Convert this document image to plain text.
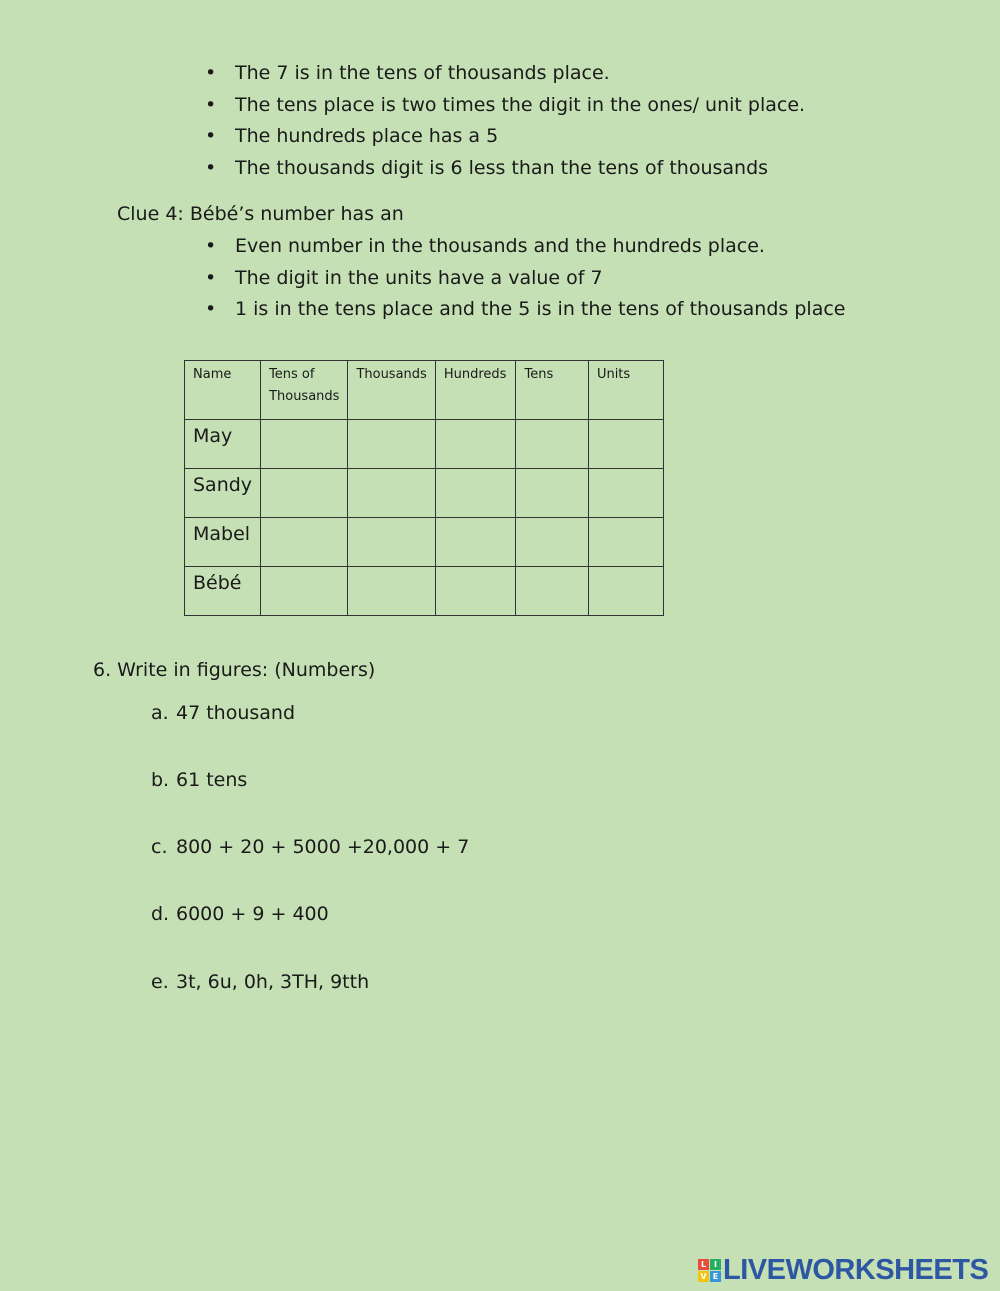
• The 7 is in the tens of thousands place.
• The tens place is two times the digit in the ones/ unit place.
• The hundreds place has a 5
• The thousands digit is 6 less than the tens of thousands
Clue 4: Bébé’s number has an
• Even number in the thousands and the hundreds place.
• The digit in the units have a value of 7
• 1 is in the tens place and the 5 is in the tens of thousands place
Name	Tens of Thousands	Thousands	Hundreds	Tens	Units
May					
Sandy					
Mabel					
Bébé					
6. Write in figures: (Numbers)
a. 47 thousand
b. 61 tens
c. 800 + 20 + 5000 +20,000 + 7
d. 6000 + 9 + 400
e. 3t, 6u, 0h, 3TH, 9tth
L I
V E LIVEWORKSHEETS
